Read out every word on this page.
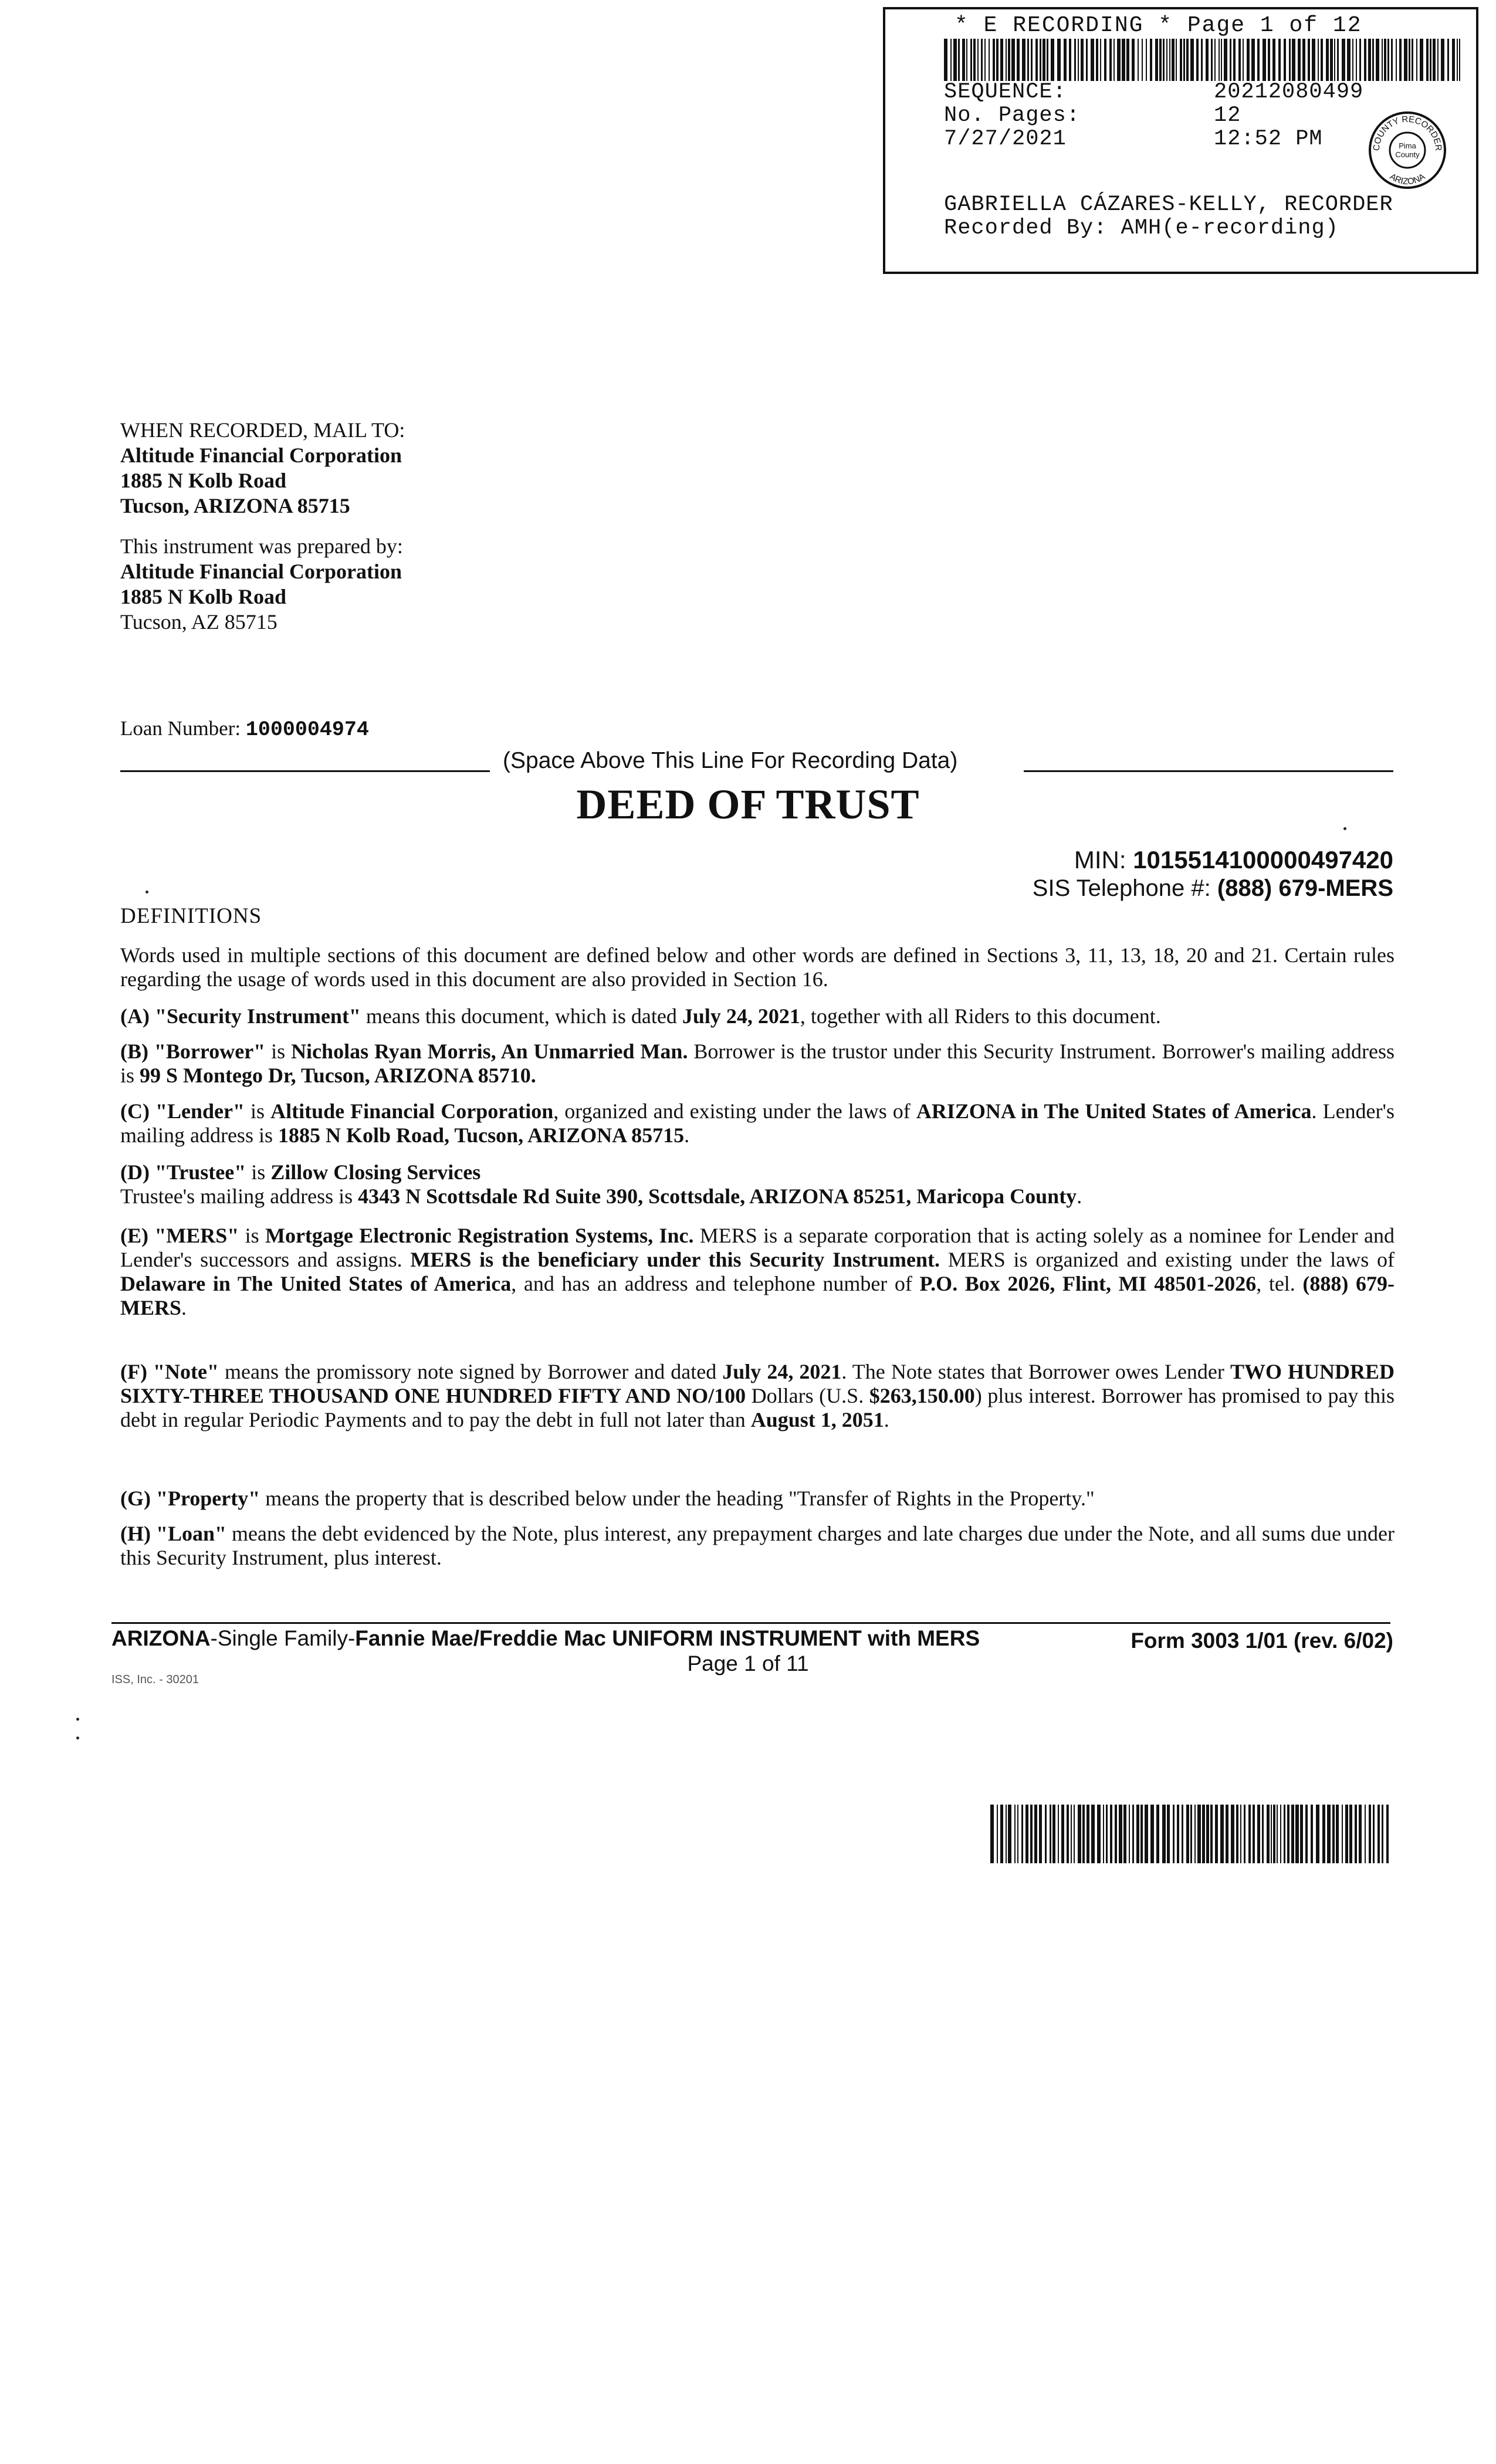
* E RECORDING * Page 1 of 12
SEQUENCE:	20212080499
No. Pages:	12
7/27/2021	12:52 PM	COUNTY RECORDER
ARIZONA
Pima
County
GABRIELLA CÁZARES-KELLY, RECORDER
Recorded By: AMH(e-recording)
WHEN RECORDED, MAIL TO:
Altitude Financial Corporation
1885 N Kolb Road
Tucson, ARIZONA 85715
This instrument was prepared by:
Altitude Financial Corporation
1885 N Kolb Road
Tucson, AZ 85715
Loan Number: 1000004974
(Space Above This Line For Recording Data)
DEED OF TRUST
MIN: 1015514100000497420
SIS Telephone #: (888) 679-MERS
DEFINITIONS
Words used in multiple sections of this document are defined below and other words are defined in Sections 3, 11, 13, 18, 20 and 21. Certain rules regarding the usage of words used in this document are also provided in Section 16.
(A) "Security Instrument" means this document, which is dated July 24, 2021, together with all Riders to this document.
(B) "Borrower" is Nicholas Ryan Morris, An Unmarried Man. Borrower is the trustor under this Security Instrument. Borrower's mailing address is 99 S Montego Dr, Tucson, ARIZONA 85710.
(C) "Lender" is Altitude Financial Corporation, organized and existing under the laws of ARIZONA in The United States of America. Lender's mailing address is 1885 N Kolb Road, Tucson, ARIZONA 85715.
(D) "Trustee" is Zillow Closing Services
Trustee's mailing address is 4343 N Scottsdale Rd Suite 390, Scottsdale, ARIZONA 85251, Maricopa County.
(E) "MERS" is Mortgage Electronic Registration Systems, Inc. MERS is a separate corporation that is acting solely as a nominee for Lender and Lender's successors and assigns. MERS is the beneficiary under this Security Instrument. MERS is organized and existing under the laws of Delaware in The United States of America, and has an address and telephone number of P.O. Box 2026, Flint, MI 48501-2026, tel. (888) 679-MERS.
(F) "Note" means the promissory note signed by Borrower and dated July 24, 2021. The Note states that Borrower owes Lender TWO HUNDRED SIXTY-THREE THOUSAND ONE HUNDRED FIFTY AND NO/100 Dollars (U.S. $263,150.00) plus interest. Borrower has promised to pay this debt in regular Periodic Payments and to pay the debt in full not later than August 1, 2051.
(G) "Property" means the property that is described below under the heading "Transfer of Rights in the Property."
(H) "Loan" means the debt evidenced by the Note, plus interest, any prepayment charges and late charges due under the Note, and all sums due under this Security Instrument, plus interest.
ARIZONA-Single Family-Fannie Mae/Freddie Mac UNIFORM INSTRUMENT with MERS	Form 3003 1/01 (rev. 6/02)
Page 1 of 11
ISS, Inc. - 30201
